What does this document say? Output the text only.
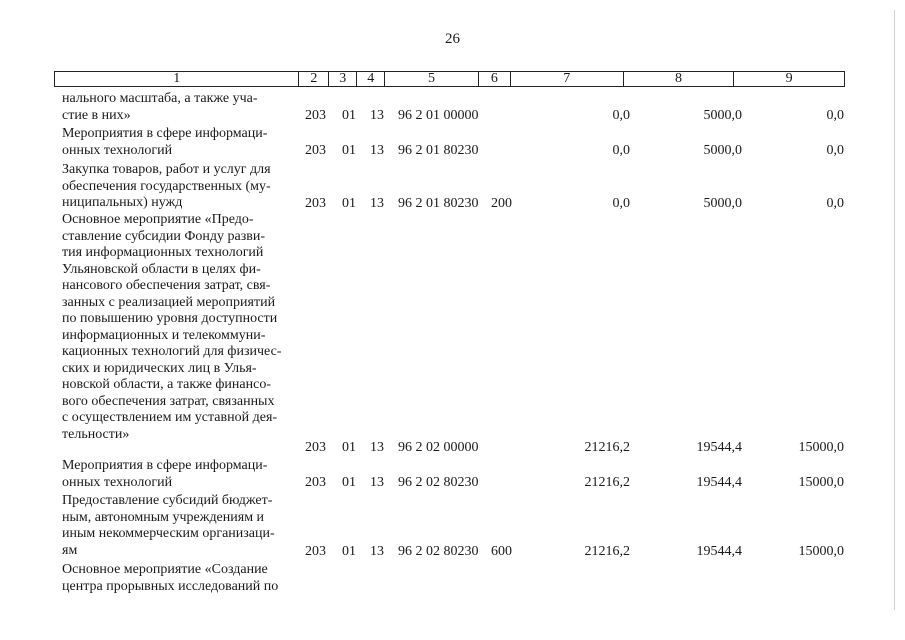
26
1	2	3	4	5	6	7	8	9
нального масштаба, а также уча-
стие в них»	203 01 13 96 2 01 00000	0,0	5000,0	0,0
Мероприятия в сфере информаци-
онных технологий	203 01 13 96 2 01 80230	0,0	5000,0	0,0
Закупка товаров, работ и услуг для
обеспечения государственных (му-
ниципальных) нужд	203 01 13 96 2 01 80230 200	0,0	5000,0	0,0
Основное мероприятие «Предо-
ставление субсидии Фонду разви-
тия информационных технологий
Ульяновской области в целях фи-
нансового обеспечения затрат, свя-
занных с реализацией мероприятий
по повышению уровня доступности
информационных и телекоммуни-
кационных технологий для физичес-
ских и юридических лиц в Улья-
новской области, а также финансо-
вого обеспечения затрат, связанных
с осуществлением им уставной дея-
тельности»
203 01 13 96 2 02 00000	21216,2	19544,4	15000,0
Мероприятия в сфере информаци-
онных технологий	203 01 13 96 2 02 80230	21216,2	19544,4	15000,0
Предоставление субсидий бюджет-
ным, автономным учреждениям и
иным некоммерческим организаци-
ям	203 01 13 96 2 02 80230 600	21216,2	19544,4	15000,0
Основное мероприятие «Создание
центра прорывных исследований по
